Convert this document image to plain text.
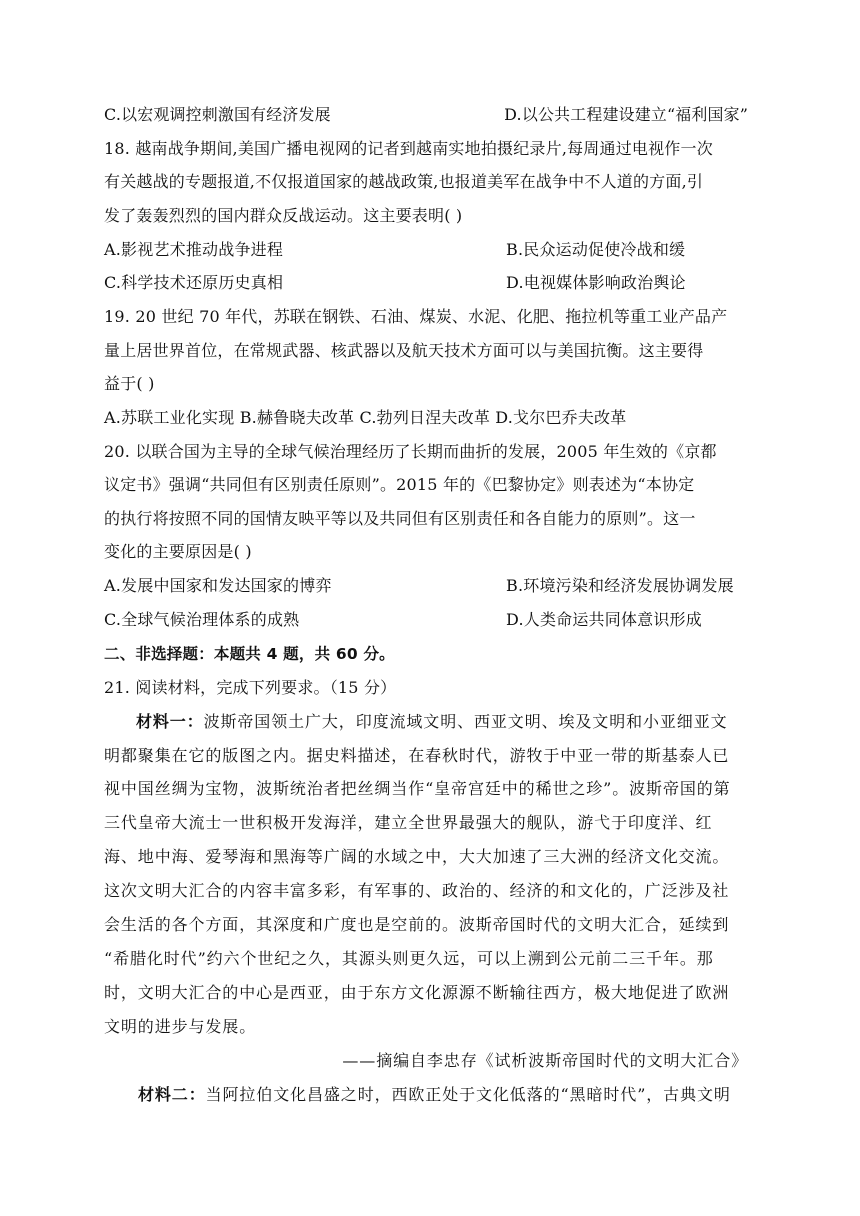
C.以宏观调控刺激国有经济发展	D.以公共工程建设建立“福利国家”
18. 越南战争期间,美国广播电视网的记者到越南实地拍摄纪录片,每周通过电视作一次
有关越战的专题报道,不仅报道国家的越战政策,也报道美军在战争中不人道的方面,引
发了轰轰烈烈的国内群众反战运动。这主要表明( )
A.影视艺术推动战争进程	B.民众运动促使冷战和缓
C.科学技术还原历史真相	D.电视媒体影响政治舆论
19. 20 世纪 70 年代，苏联在钢铁、石油、煤炭、水泥、化肥、拖拉机等重工业产品产
量上居世界首位，在常规武器、核武器以及航天技术方面可以与美国抗衡。这主要得
益于( )
A.苏联工业化实现 B.赫鲁晓夫改革 C.勃列日涅夫改革 D.戈尔巴乔夫改革
20. 以联合国为主导的全球气候治理经历了长期而曲折的发展，2005 年生效的《京都
议定书》强调“共同但有区别责任原则”。2015 年的《巴黎协定》则表述为“本协定
的执行将按照不同的国情友映平等以及共同但有区别责任和各自能力的原则”。这一
变化的主要原因是( )
A.发展中国家和发达国家的博弈	B.环境污染和经济发展协调发展
C.全球气候治理体系的成熟	D.人类命运共同体意识形成
二、非选择题：本题共 4 题，共 60 分。
21. 阅读材料，完成下列要求。（15 分）
材料一：波斯帝国领土广大，印度流域文明、西亚文明、埃及文明和小亚细亚文
明都聚集在它的版图之内。据史料描述，在春秋时代，游牧于中亚一带的斯基泰人已
视中国丝绸为宝物，波斯统治者把丝绸当作“皇帝宫廷中的稀世之珍”。波斯帝国的第
三代皇帝大流士一世积极开发海洋，建立全世界最强大的舰队，游弋于印度洋、红
海、地中海、爱琴海和黑海等广阔的水域之中，大大加速了三大洲的经济文化交流。
这次文明大汇合的内容丰富多彩，有军事的、政治的、经济的和文化的，广泛涉及社
会生活的各个方面，其深度和广度也是空前的。波斯帝国时代的文明大汇合，延续到
“希腊化时代”约六个世纪之久，其源头则更久远，可以上溯到公元前二三千年。那
时，文明大汇合的中心是西亚，由于东方文化源源不断输往西方，极大地促进了欧洲
文明的进步与发展。
——摘编自李忠存《试析波斯帝国时代的文明大汇合》
材料二：当阿拉伯文化昌盛之时，西欧正处于文化低落的“黑暗时代”，古典文明
